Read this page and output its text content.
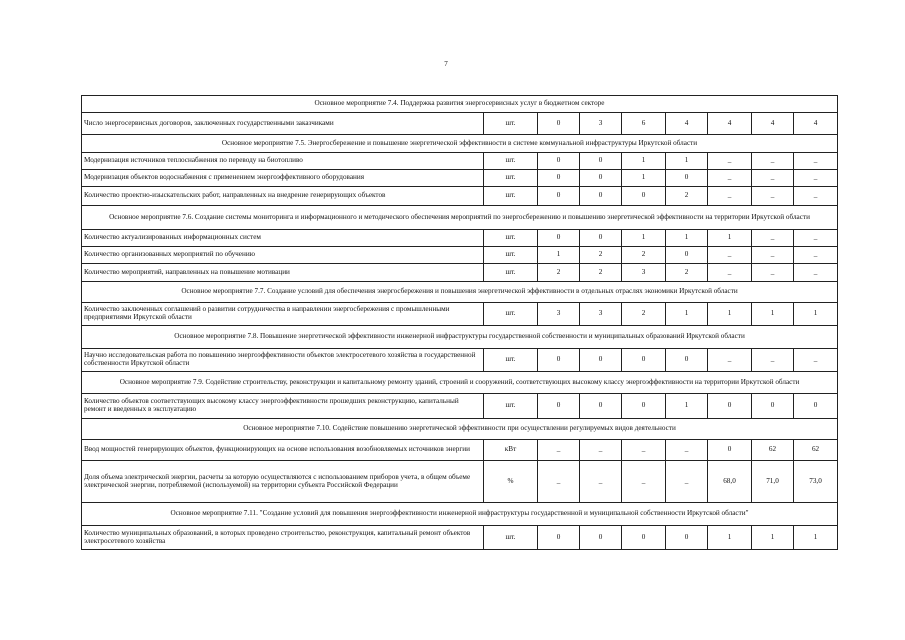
7
Основное мероприятие 7.4. Поддержка развития энергосервисных услуг в бюджетном секторе								
Число энергосервисных договоров, заключенных государственными заказчиками	шт.	0	3	6	4	4	4	4
Основное мероприятие 7.5. Энергосбережение и повышение энергетической эффективности в системе коммунальной инфраструктуры Иркутской области								
Модернизация источников теплоснабжения по переводу на биотопливо	шт.	0	0	1	1	_	_	_
Модернизация объектов водоснабжения с применением энергоэффективного оборудования	шт.	0	0	1	0	_	_	_
Количество проектно-изыскательских работ, направленных на внедрение генерирующих объектов	шт.	0	0	0	2	_	_	_
Основное мероприятие 7.6. Создание системы мониторинга и информационного и методического обеспечения мероприятий по энергосбережению и повышению энергетической эффективности на территории Иркутской области								
Количество актуализированных информационных систем	шт.	0	0	1	1	1	_	_
Количество организованных мероприятий по обучению	шт.	1	2	2	0	_	_	_
Количество мероприятий, направленных на повышение мотивации	шт.	2	2	3	2	_	_	_
Основное мероприятие 7.7. Создание условий для обеспечения энергосбережения и повышения энергетической эффективности в отдельных отраслях экономики Иркутской области								
Количество заключенных соглашений о развитии сотрудничества в направлении энергосбережения с промышленными предприятиями Иркутской области	шт.	3	3	2	1	1	1	1
Основное мероприятие 7.8. Повышение энергетической эффективности инженерной инфраструктуры государственной собственности и муниципальных образований Иркутской области								
Научно исследовательская работа по повышению энергоэффективности объектов электросетевого хозяйства в государственной собственности Иркутской области	шт.	0	0	0	0	_	_	_
Основное мероприятие 7.9. Содействие строительству, реконструкции и капитальному ремонту зданий, строений и сооружений, соответствующих высокому классу энергоэффективности на территории Иркутской области								
Количество объектов соответствующих высокому классу энергоэффективности прошедших реконструкцию, капитальный ремонт и введенных в эксплуатацию	шт.	0	0	0	1	0	0	0
Основное мероприятие 7.10. Содействие повышению энергетической эффективности при осуществлении регулируемых видов деятельности								
Ввод мощностей генерирующих объектов, функционирующих на основе использования возобновляемых источников энергии	кВт	_	_	_	_	0	62	62
Доля объема электрической энергии, расчеты за которую осуществляются с использованием приборов учета, в общем объеме электрической энергии, потребляемой (используемой) на территории субъекта Российской Федерации	%	_	_	_	_	68,0	71,0	73,0
Основное мероприятие 7.11. "Создание условий для повышения энергоэффективности инженерной инфраструктуры государственной и муниципальной собственности Иркутской области"								
Количество муниципальных образований, в которых проведено строительство, реконструкция, капитальный ремонт объектов электросетевого хозяйства	шт.	0	0	0	0	1	1	1
